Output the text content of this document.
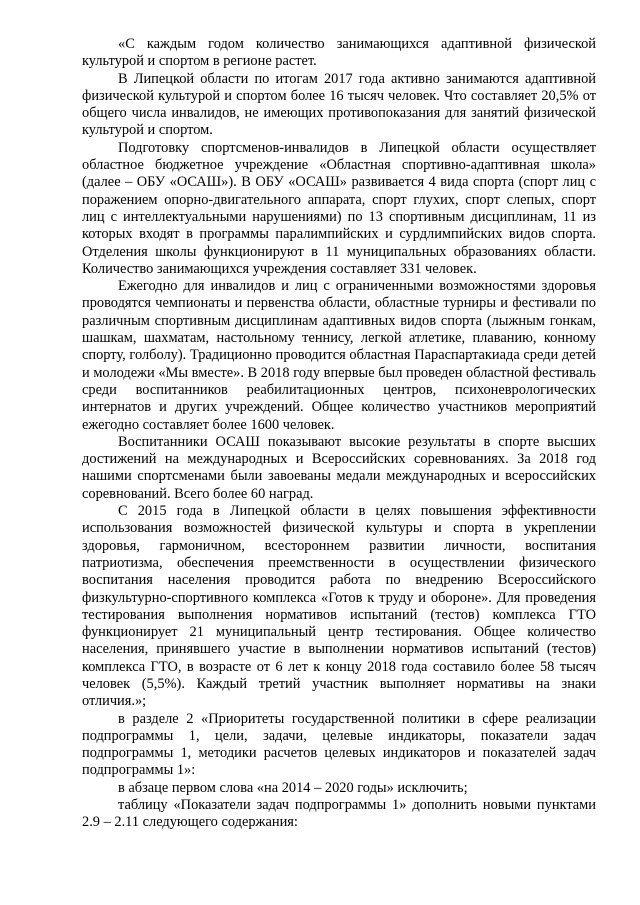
«С каждым годом количество занимающихся адаптивной физической культурой и спортом в регионе растет.

В Липецкой области по итогам 2017 года активно занимаются адаптивной физической культурой и спортом более 16 тысяч человек. Что составляет 20,5% от общего числа инвалидов, не имеющих противопоказания для занятий физической культурой и спортом.

Подготовку спортсменов-инвалидов в Липецкой области осуществляет областное бюджетное учреждение «Областная спортивно-адаптивная школа» (далее – ОБУ «ОСАШ»). В ОБУ «ОСАШ» развивается 4 вида спорта (спорт лиц с поражением опорно-двигательного аппарата, спорт глухих, спорт слепых, спорт лиц с интеллектуальными нарушениями) по 13 спортивным дисциплинам, 11 из которых входят в программы паралимпийских и сурдлимпийских видов спорта. Отделения школы функционируют в 11 муниципальных образованиях области. Количество занимающихся учреждения составляет 331 человек.

Ежегодно для инвалидов и лиц с ограниченными возможностями здоровья проводятся чемпионаты и первенства области, областные турниры и фестивали по различным спортивным дисциплинам адаптивных видов спорта (лыжным гонкам, шашкам, шахматам, настольному теннису, легкой атлетике, плаванию, конному спорту, голболу). Традиционно проводится областная Параспартакиада среди детей и молодежи «Мы вместе». В 2018 году впервые был проведен областной фестиваль среди воспитанников реабилитационных центров, психоневрологических интернатов и других учреждений. Общее количество участников мероприятий ежегодно составляет более 1600 человек.

Воспитанники ОСАШ показывают высокие результаты в спорте высших достижений на международных и Всероссийских соревнованиях. За 2018 год нашими спортсменами были завоеваны медали международных и всероссийских соревнований. Всего более 60 наград.

С 2015 года в Липецкой области в целях повышения эффективности использования возможностей физической культуры и спорта в укреплении здоровья, гармоничном, всестороннем развитии личности, воспитания патриотизма, обеспечения преемственности в осуществлении физического воспитания населения проводится работа по внедрению Всероссийского физкультурно-спортивного комплекса «Готов к труду и обороне». Для проведения тестирования выполнения нормативов испытаний (тестов) комплекса ГТО функционирует 21 муниципальный центр тестирования. Общее количество населения, принявшего участие в выполнении нормативов испытаний (тестов) комплекса ГТО, в возрасте от 6 лет к концу 2018 года составило более 58 тысяч человек (5,5%). Каждый третий участник выполняет нормативы на знаки отличия.»;

в разделе 2 «Приоритеты государственной политики в сфере реализации подпрограммы 1, цели, задачи, целевые индикаторы, показатели задач подпрограммы 1, методики расчетов целевых индикаторов и показателей задач подпрограммы 1»:

в абзаце первом слова «на 2014 – 2020 годы» исключить;

таблицу «Показатели задач подпрограммы 1» дополнить новыми пунктами 2.9 – 2.11 следующего содержания:
